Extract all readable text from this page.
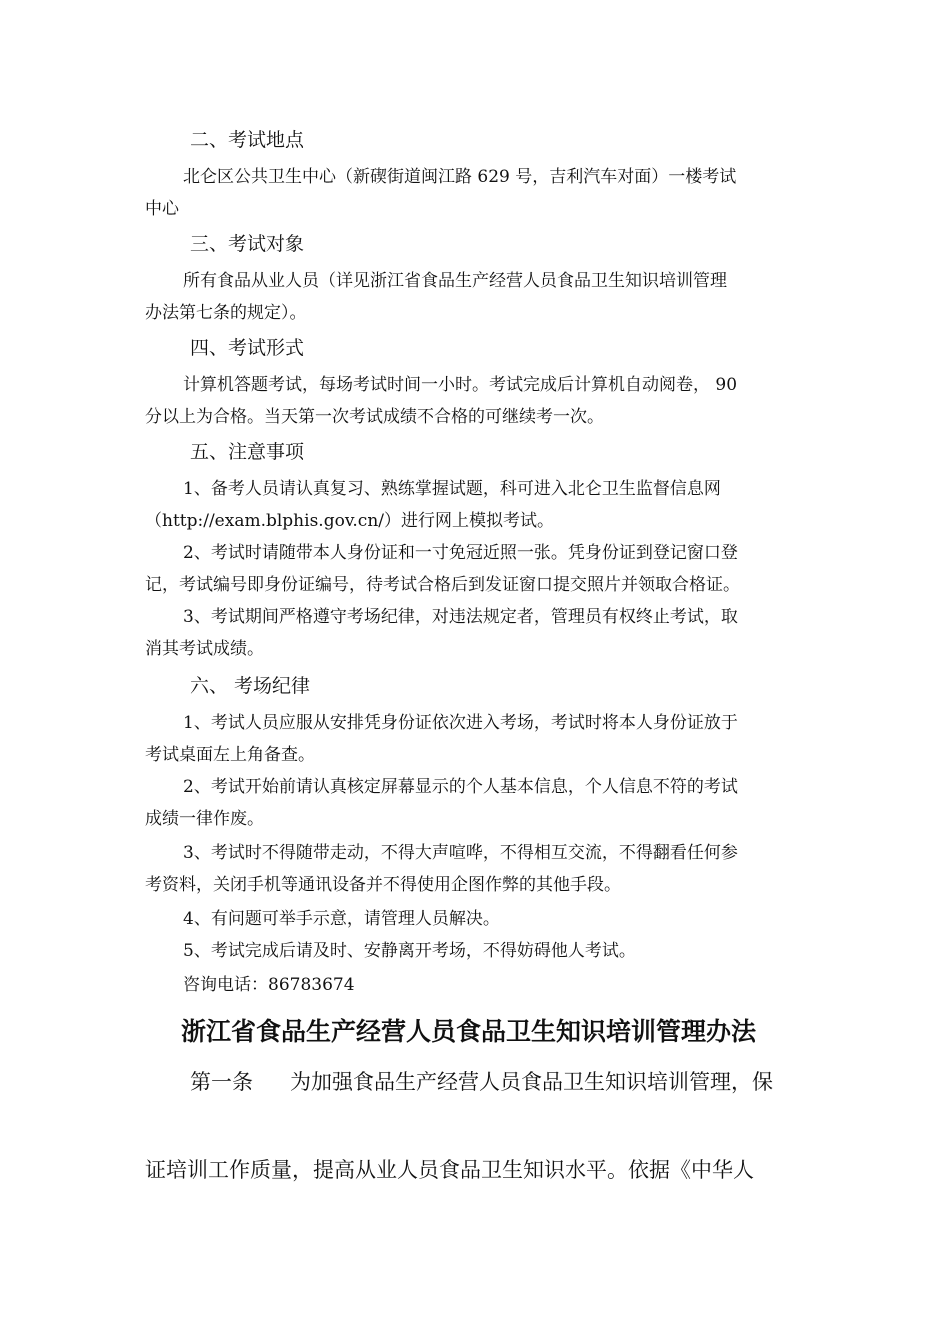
二、考试地点
北仑区公共卫生中心（新碶街道闽江路 629 号，吉利汽车对面）一楼考试
中心
三、考试对象
所有食品从业人员（详见浙江省食品生产经营人员食品卫生知识培训管理
办法第七条的规定）。
四、考试形式
计算机答题考试，每场考试时间一小时。考试完成后计算机自动阅卷， 90
分以上为合格。当天第一次考试成绩不合格的可继续考一次。
五、注意事项
1、备考人员请认真复习、熟练掌握试题，科可进入北仑卫生监督信息网
（http://exam.blphis.gov.cn/）进行网上模拟考试。
2、考试时请随带本人身份证和一寸免冠近照一张。凭身份证到登记窗口登
记，考试编号即身份证编号，待考试合格后到发证窗口提交照片并领取合格证。
3、考试期间严格遵守考场纪律，对违法规定者，管理员有权终止考试，取
消其考试成绩。
六、 考场纪律
1、考试人员应服从安排凭身份证依次进入考场，考试时将本人身份证放于
考试桌面左上角备查。
2、考试开始前请认真核定屏幕显示的个人基本信息，个人信息不符的考试
成绩一律作废。
3、考试时不得随带走动，不得大声喧哗，不得相互交流，不得翻看任何参
考资料，关闭手机等通讯设备并不得使用企图作弊的其他手段。
4、有问题可举手示意，请管理人员解决。
5、考试完成后请及时、安静离开考场，不得妨碍他人考试。
咨询电话：86783674
浙江省食品生产经营人员食品卫生知识培训管理办法
第一条 为加强食品生产经营人员食品卫生知识培训管理，保
证培训工作质量，提高从业人员食品卫生知识水平。依据《中华人
